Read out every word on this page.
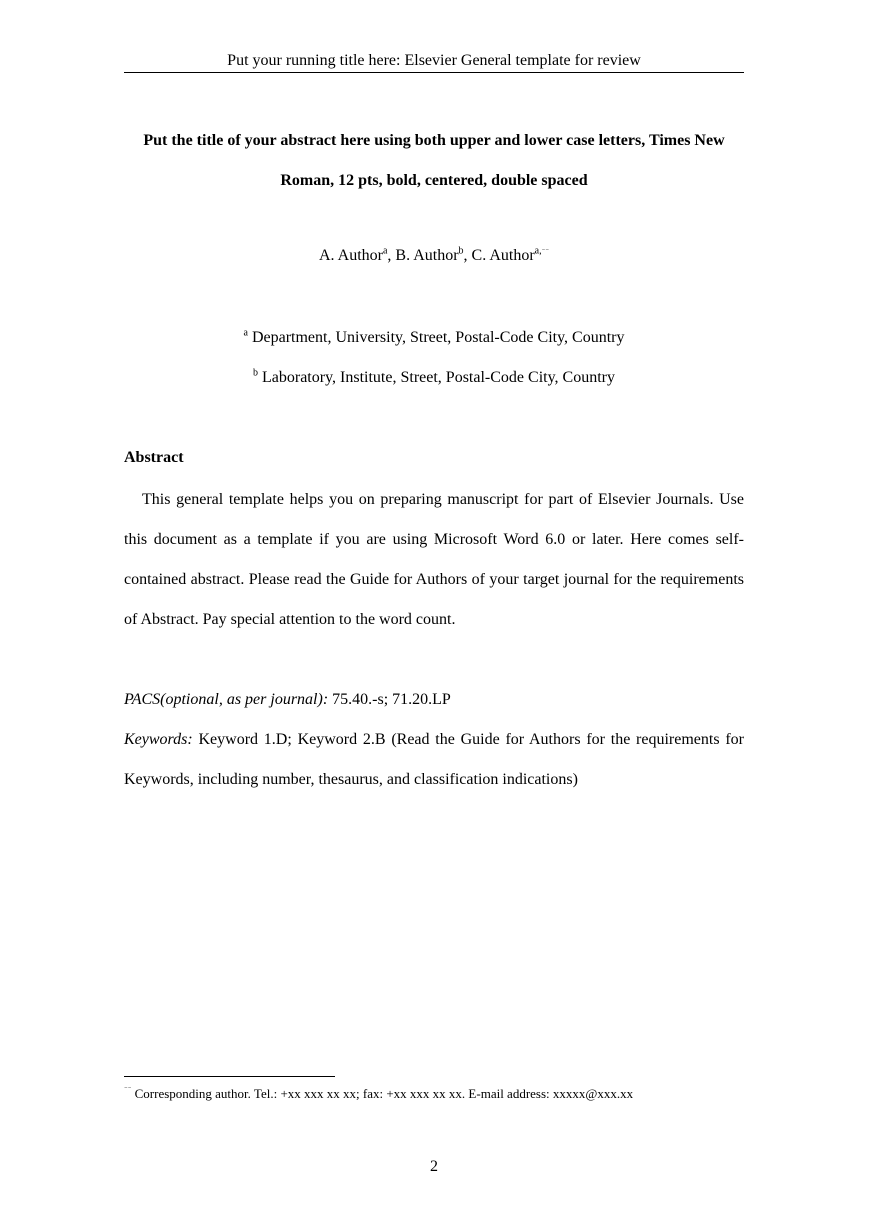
Put your running title here: Elsevier General template for review
Put the title of your abstract here using both upper and lower case letters, Times New Roman, 12 pts, bold, centered, double spaced
A. Author$^a$, B. Author$^b$, C. Author$^{a,^{--}}$
$^a$ Department, University, Street, Postal-Code City, Country
$^b$ Laboratory, Institute, Street, Postal-Code City, Country
Abstract

This general template helps you on preparing manuscript for part of Elsevier Journals. Use this document as a template if you are using Microsoft Word 6.0 or later. Here comes self-contained abstract. Please read the Guide for Authors of your target journal for the requirements of Abstract. Pay special attention to the word count.

PACS(optional, as per journal): 75.40.-s; 71.20.LP

Keywords: Keyword 1.D; Keyword 2.B (Read the Guide for Authors for the requirements for Keywords, including number, thesaurus, and classification indications)

⁻⁻ Corresponding author. Tel.: +xx xxx xx xx; fax: +xx xxx xx xx. E-mail address: xxxxx@xxx.xx
2
